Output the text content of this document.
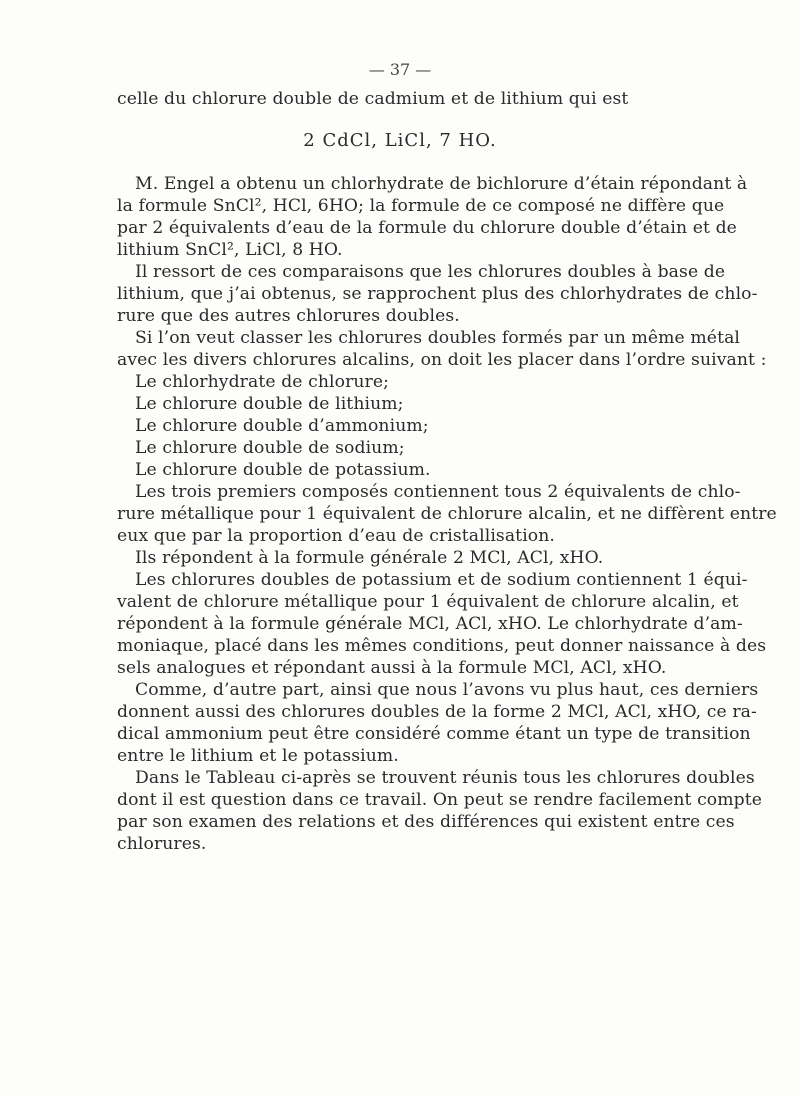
— 37 —
celle du chlorure double de cadmium et de lithium qui est
2 CdCl, LiCl, 7 HO.
M. Engel a obtenu un chlorhydrate de bichlorure d’étain répondant à
la formule SnCl², HCl, 6HO; la formule de ce composé ne diffère que
par 2 équivalents d’eau de la formule du chlorure double d’étain et de
lithium SnCl², LiCl, 8 HO.
Il ressort de ces comparaisons que les chlorures doubles à base de
lithium, que j’ai obtenus, se rapprochent plus des chlorhydrates de chlo-
rure que des autres chlorures doubles.
Si l’on veut classer les chlorures doubles formés par un même métal
avec les divers chlorures alcalins, on doit les placer dans l’ordre suivant :
Le chlorhydrate de chlorure;
Le chlorure double de lithium;
Le chlorure double d’ammonium;
Le chlorure double de sodium;
Le chlorure double de potassium.
Les trois premiers composés contiennent tous 2 équivalents de chlo-
rure métallique pour 1 équivalent de chlorure alcalin, et ne diffèrent entre
eux que par la proportion d’eau de cristallisation.
Ils répondent à la formule générale 2 MCl, ACl, xHO.
Les chlorures doubles de potassium et de sodium contiennent 1 équi-
valent de chlorure métallique pour 1 équivalent de chlorure alcalin, et
répondent à la formule générale MCl, ACl, xHO. Le chlorhydrate d’am-
moniaque, placé dans les mêmes conditions, peut donner naissance à des
sels analogues et répondant aussi à la formule MCl, ACl, xHO.
Comme, d’autre part, ainsi que nous l’avons vu plus haut, ces derniers
donnent aussi des chlorures doubles de la forme 2 MCl, ACl, xHO, ce ra-
dical ammonium peut être considéré comme étant un type de transition
entre le lithium et le potassium.
Dans le Tableau ci-après se trouvent réunis tous les chlorures doubles
dont il est question dans ce travail. On peut se rendre facilement compte
par son examen des relations et des différences qui existent entre ces
chlorures.
